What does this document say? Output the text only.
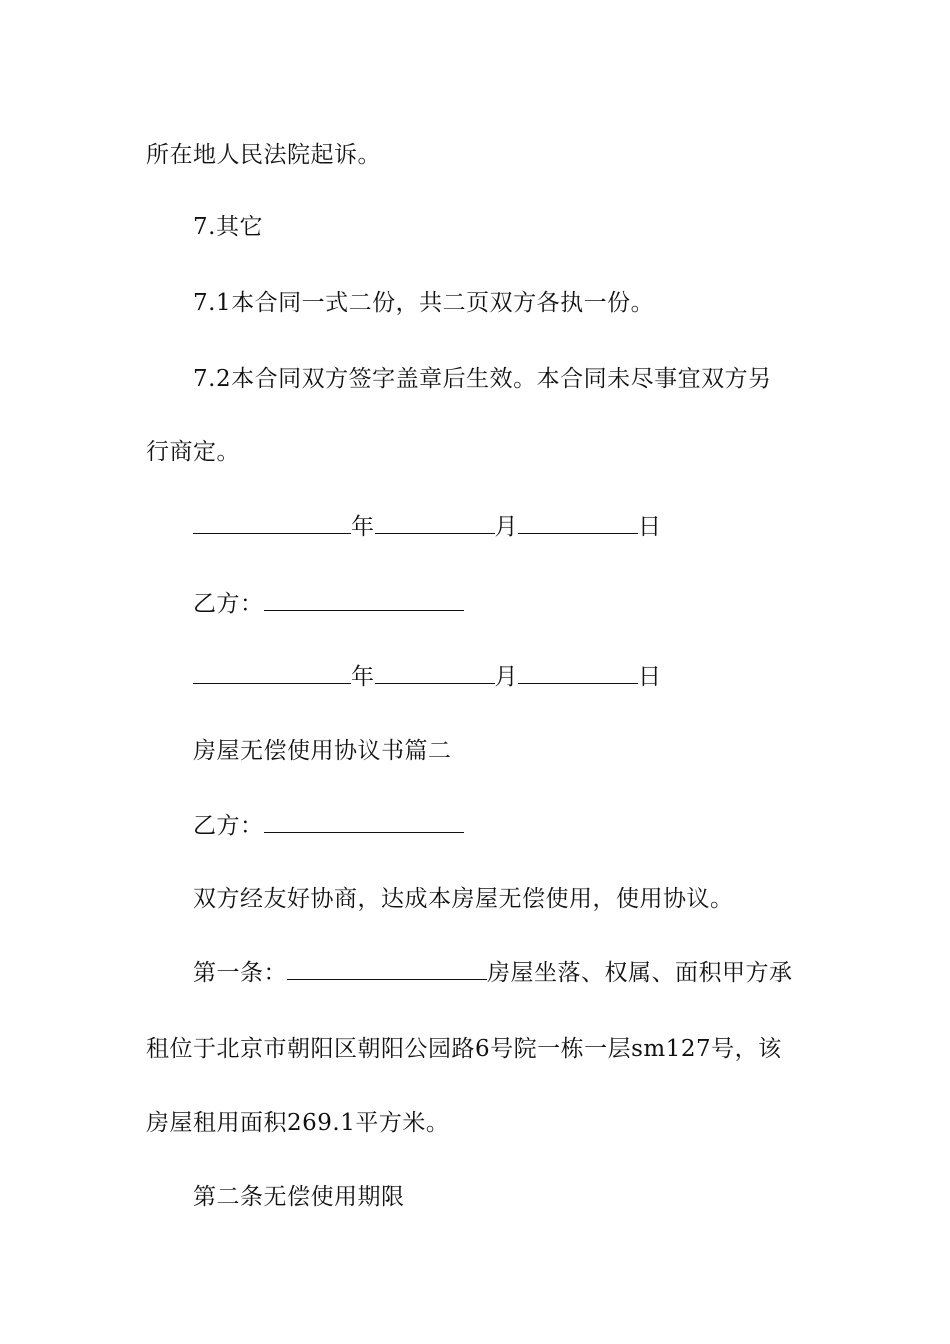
所在地人民法院起诉。
7.其它
7.1本合同一式二份，共二页双方各执一份。
7.2本合同双方签字盖章后生效。本合同未尽事宜双方另
行商定。
年	月	日
乙方：
年	月	日
房屋无偿使用协议书篇二
乙方：
双方经友好协商，达成本房屋无偿使用，使用协议。
第一条：	房屋坐落、权属、面积甲方承
租位于北京市朝阳区朝阳公园路6号院一栋一层sm127号，该
房屋租用面积269.1平方米。
第二条无偿使用期限
